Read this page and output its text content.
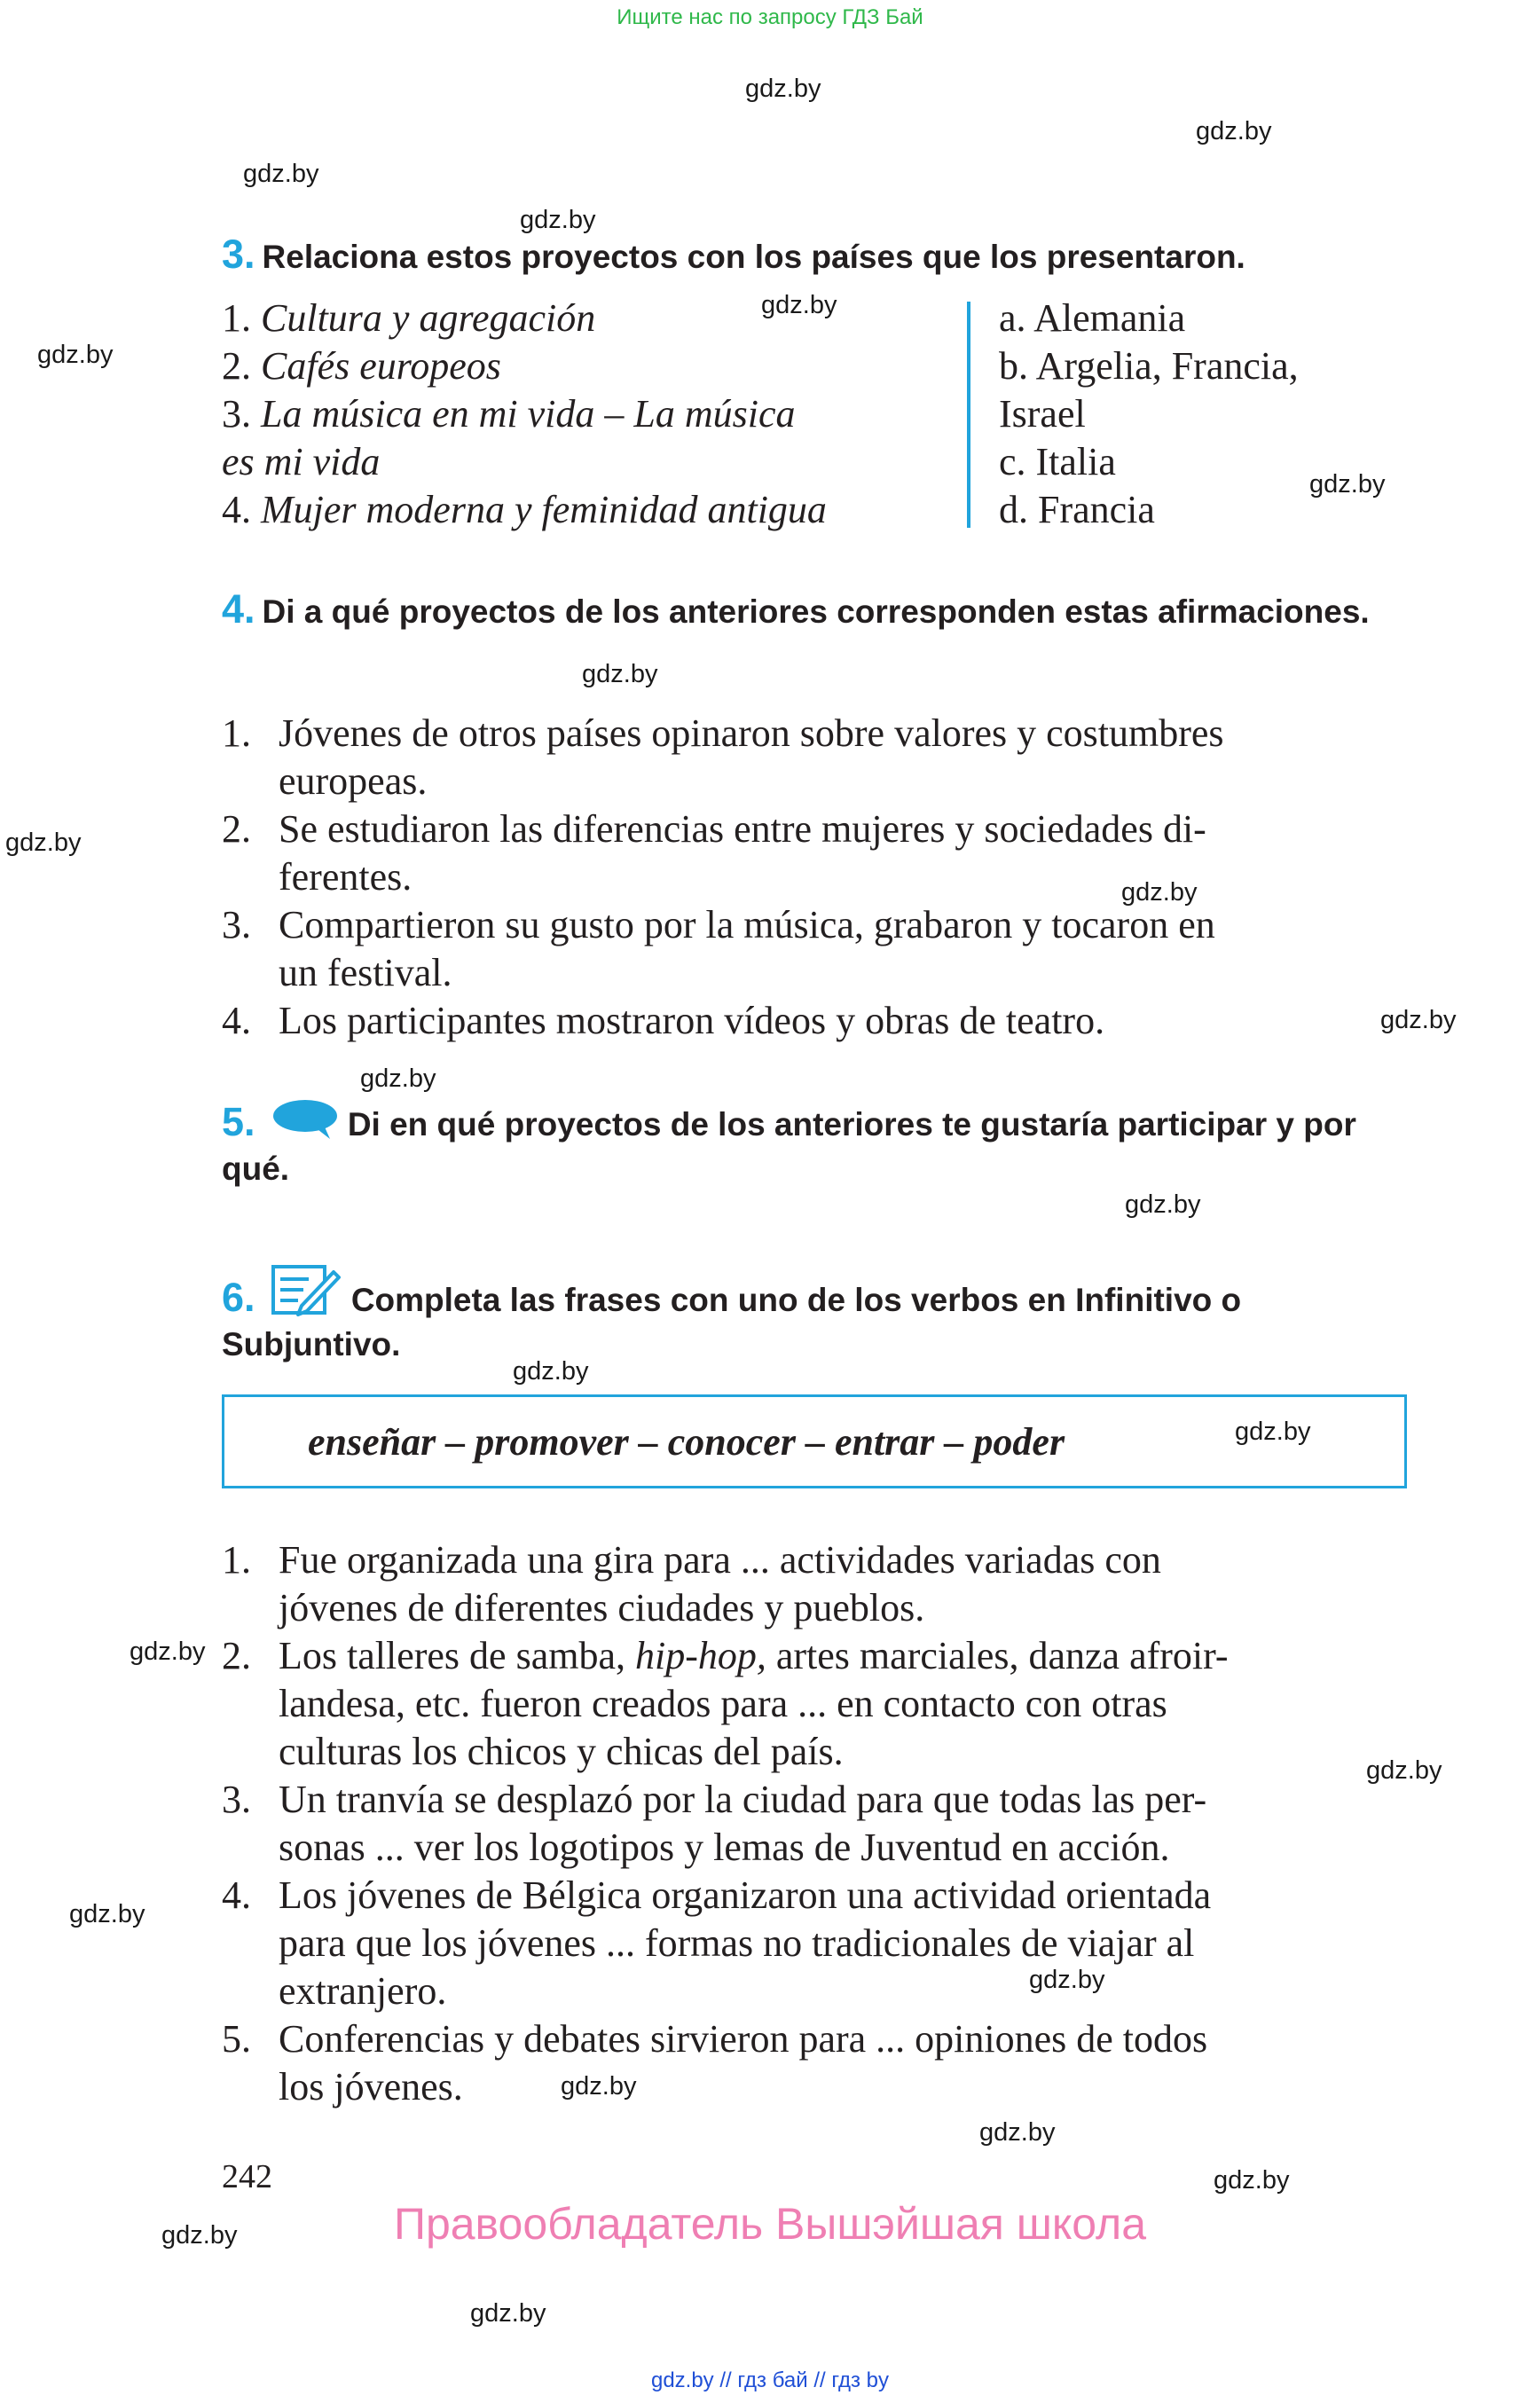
Ищите нас по запросу ГДЗ Бай
gdz.by
gdz.by
gdz.by
gdz.by
gdz.by
gdz.by
gdz.by
gdz.by
gdz.by
gdz.by
gdz.by
gdz.by
gdz.by
gdz.by
gdz.by
gdz.by
gdz.by
gdz.by
gdz.by
gdz.by
gdz.by
gdz.by
gdz.by
gdz.by
3. Relaciona estos proyectos con los países que los presentaron.
1. Cultura y agregación
2. Cafés europeos
3. La música en mi vida – La música
es mi vida
4. Mujer moderna y feminidad antigua
a. Alemania
b. Argelia, Francia,
Israel
c. Italia
d. Francia
4. Di a qué proyectos de los anteriores corresponden estas afirmaciones.
1. Jóvenes de otros países opinaron sobre valores y costumbres
europeas.
2. Se estudiaron las diferencias entre mujeres y sociedades di-
ferentes.
3. Compartieron su gusto por la música, grabaron y tocaron en
un festival.
4. Los participantes mostraron vídeos y obras de teatro.
5.	Di en qué proyectos de los anteriores te gustaría participar y por qué.
6.	Completa las frases con uno de los verbos en Infinitivo o Subjuntivo.
enseñar – promover – conocer – entrar – poder
1. Fue organizada una gira para ... actividades variadas con
jóvenes de diferentes ciudades y pueblos.
2. Los talleres de samba, hip-hop, artes marciales, danza afroir-
landesa, etc. fueron creados para ... en contacto con otras
culturas los chicos y chicas del país.
3. Un tranvía se desplazó por la ciudad para que todas las per-
sonas ... ver los logotipos y lemas de Juventud en acción.
4. Los jóvenes de Bélgica organizaron una actividad orientada
para que los jóvenes ... formas no tradicionales de viajar al
extranjero.
5. Conferencias y debates sirvieron para ... opiniones de todos
los jóvenes.
242
Правообладатель Вышэйшая школа
gdz.by // гдз бай // гдз by
